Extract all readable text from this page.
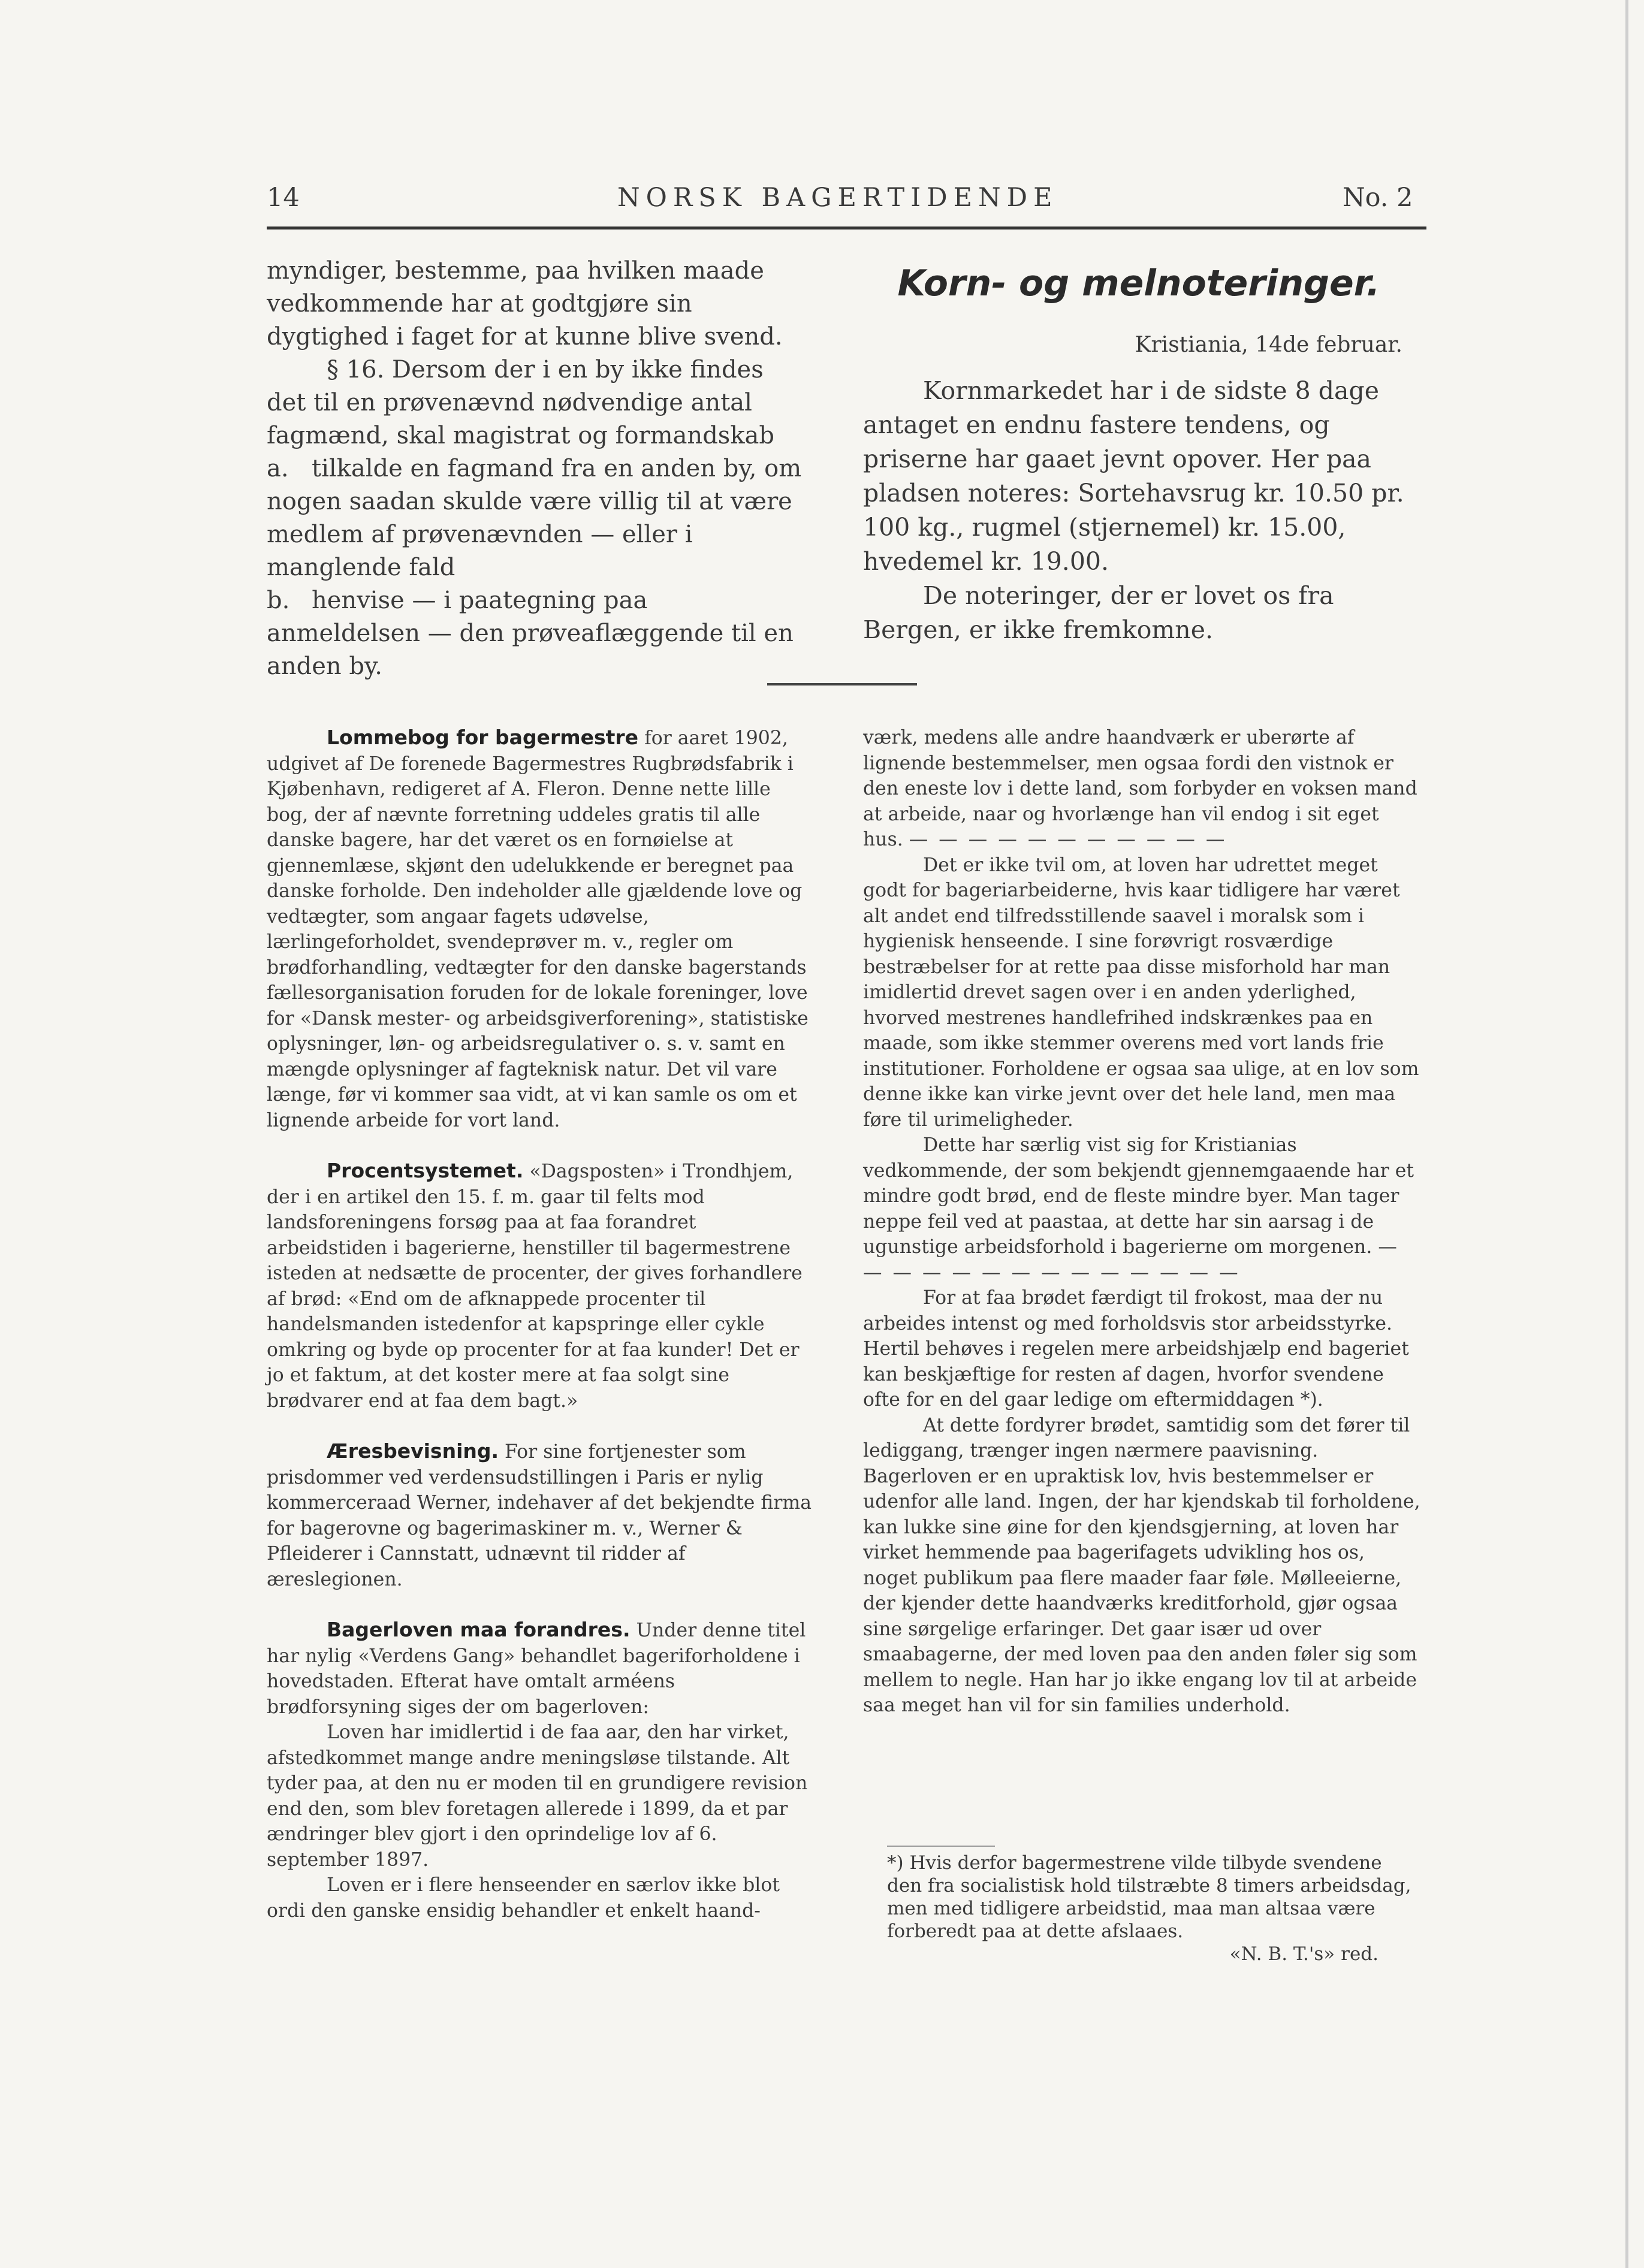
14	NORSK BAGERTIDENDE	No. 2

myndiger, bestemme, paa hvilken maade vedkommende har at godtgjøre sin dygtighed i faget for at kunne blive svend.

§ 16. Dersom der i en by ikke findes det til en prøvenævnd nødvendige antal fagmænd, skal magistrat og formandskab

a. tilkalde en fagmand fra en anden by, om nogen saadan skulde være villig til at være medlem af prøvenævnden — eller i manglende fald

b. henvise — i paategning paa anmeldelsen — den prøveaflæggende til en anden by.

Korn- og melnoteringer.
Kristiania, 14de februar.

Kornmarkedet har i de sidste 8 dage antaget en endnu fastere tendens, og priserne har gaaet jevnt opover. Her paa pladsen noteres: Sortehavsrug kr. 10.50 pr. 100 kg., rugmel (stjernemel) kr. 15.00, hvedemel kr. 19.00.

De noteringer, der er lovet os fra Bergen, er ikke fremkomne.

Lommebog for bagermestre for aaret 1902, udgivet af De forenede Bagermestres Rugbrødsfabrik i Kjøbenhavn, redigeret af A. Fleron. Denne nette lille bog, der af nævnte forretning uddeles gratis til alle danske bagere, har det været os en fornøielse at gjennemlæse, skjønt den udelukkende er beregnet paa danske forholde. Den indeholder alle gjældende love og vedtægter, som angaar fagets udøvelse, lærlingeforholdet, svendeprøver m. v., regler om brødforhandling, vedtægter for den danske bagerstands fællesorganisation foruden for de lokale foreninger, love for «Dansk mester- og arbeidsgiverforening», statistiske oplysninger, løn- og arbeidsregulativer o. s. v. samt en mængde oplysninger af fagteknisk natur. Det vil vare længe, før vi kommer saa vidt, at vi kan samle os om et lignende arbeide for vort land.

Procentsystemet. «Dagsposten» i Trondhjem, der i en artikel den 15. f. m. gaar til felts mod landsforeningens forsøg paa at faa forandret arbeidstiden i bagerierne, henstiller til bagermestrene isteden at nedsætte de procenter, der gives forhandlere af brød: «End om de afknappede procenter til handelsmanden istedenfor at kapspringe eller cykle omkring og byde op procenter for at faa kunder! Det er jo et faktum, at det koster mere at faa solgt sine brødvarer end at faa dem bagt.»

Æresbevisning. For sine fortjenester som prisdommer ved verdensudstillingen i Paris er nylig kommerceraad Werner, indehaver af det bekjendte firma for bagerovne og bagerimaskiner m. v., Werner & Pfleiderer i Cannstatt, udnævnt til ridder af æreslegionen.

Bagerloven maa forandres. Under denne titel har nylig «Verdens Gang» behandlet bageriforholdene i hovedstaden. Efterat have omtalt arméens brødforsyning siges der om bagerloven:

Loven har imidlertid i de faa aar, den har virket, afstedkommet mange andre meningsløse tilstande. Alt tyder paa, at den nu er moden til en grundigere revision end den, som blev foretagen allerede i 1899, da et par ændringer blev gjort i den oprindelige lov af 6. september 1897.

Loven er i flere henseender en særlov ikke blot ordi den ganske ensidig behandler et enkelt haand-

værk, medens alle andre haandværk er uberørte af lignende bestemmelser, men ogsaa fordi den vistnok er den eneste lov i dette land, som forbyder en voksen mand at arbeide, naar og hvorlænge han vil endog i sit eget hus. — — — — — — — — — — —

Det er ikke tvil om, at loven har udrettet meget godt for bageriarbeiderne, hvis kaar tidligere har været alt andet end tilfredsstillende saavel i moralsk som i hygienisk henseende. I sine forøvrigt rosværdige bestræbelser for at rette paa disse misforhold har man imidlertid drevet sagen over i en anden yderlighed, hvorved mestrenes handlefrihed indskrænkes paa en maade, som ikke stemmer overens med vort lands frie institutioner. Forholdene er ogsaa saa ulige, at en lov som denne ikke kan virke jevnt over det hele land, men maa føre til urimeligheder.

Dette har særlig vist sig for Kristianias vedkommende, der som bekjendt gjennemgaaende har et mindre godt brød, end de fleste mindre byer. Man tager neppe feil ved at paastaa, at dette har sin aarsag i de ugunstige arbeidsforhold i bagerierne om morgenen. — — — — — — — — — — — — — —

For at faa brødet færdigt til frokost, maa der nu arbeides intenst og med forholdsvis stor arbeidsstyrke. Hertil behøves i regelen mere arbeidshjælp end bageriet kan beskjæftige for resten af dagen, hvorfor svendene ofte for en del gaar ledige om eftermiddagen *).

At dette fordyrer brødet, samtidig som det fører til lediggang, trænger ingen nærmere paavisning. Bagerloven er en upraktisk lov, hvis bestemmelser er udenfor alle land. Ingen, der har kjendskab til forholdene, kan lukke sine øine for den kjendsgjerning, at loven har virket hemmende paa bagerifagets udvikling hos os, noget publikum paa flere maader faar føle. Mølleeierne, der kjender dette haandværks kreditforhold, gjør ogsaa sine sørgelige erfaringer. Det gaar især ud over smaabagerne, der med loven paa den anden føler sig som mellem to negle. Han har jo ikke engang lov til at arbeide saa meget han vil for sin families underhold.

*) Hvis derfor bagermestrene vilde tilbyde svendene den fra socialistisk hold tilstræbte 8 timers arbeidsdag, men med tidligere arbeidstid, maa man altsaa være forberedt paa at dette afslaaes.

«N. B. T.'s» red.
